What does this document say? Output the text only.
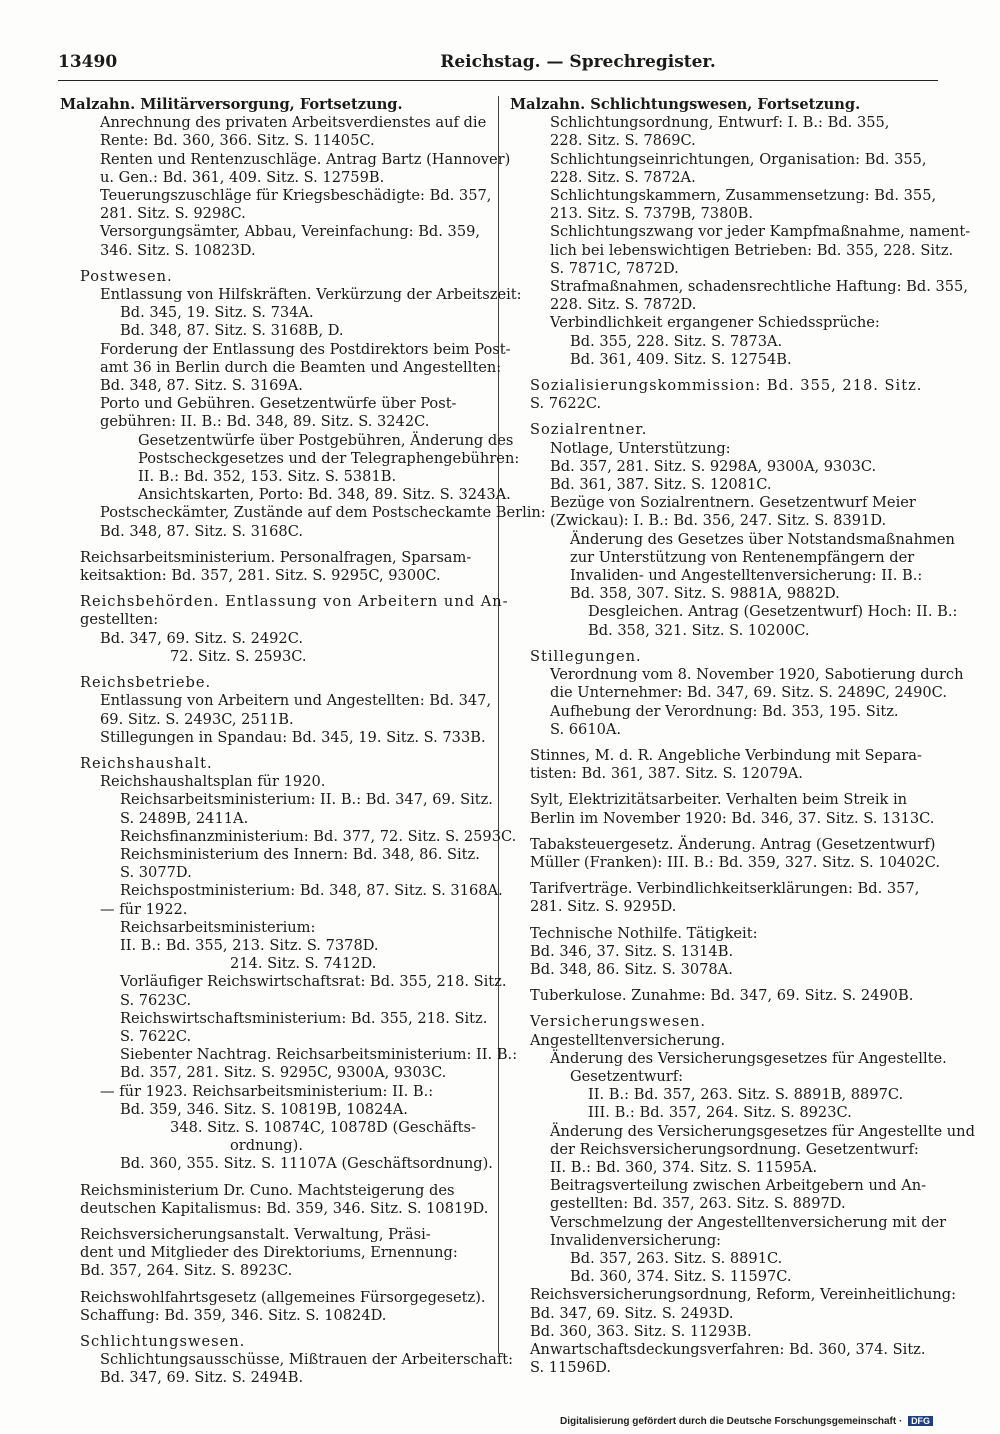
13490	Reichstag. — Sprechregister.
Malzahn. Militärversorgung, Fortsetzung.
Anrechnung des privaten Arbeitsverdienstes auf die
Rente: Bd. 360, 366. Sitz. S. 11405C.
Renten und Rentenzuschläge. Antrag Bartz (Hannover)
u. Gen.: Bd. 361, 409. Sitz. S. 12759B.
Teuerungszuschläge für Kriegsbeschädigte: Bd. 357,
281. Sitz. S. 9298C.
Versorgungsämter, Abbau, Vereinfachung: Bd. 359,
346. Sitz. S. 10823D.
Postwesen.
Entlassung von Hilfskräften. Verkürzung der Arbeitszeit:
Bd. 345, 19. Sitz. S. 734A.
Bd. 348, 87. Sitz. S. 3168B, D.
Forderung der Entlassung des Postdirektors beim Post-
amt 36 in Berlin durch die Beamten und Angestellten:
Bd. 348, 87. Sitz. S. 3169A.
Porto und Gebühren. Gesetzentwürfe über Post-
gebühren: II. B.: Bd. 348, 89. Sitz. S. 3242C.
Gesetzentwürfe über Postgebühren, Änderung des
Postscheckgesetzes und der Telegraphengebühren:
II. B.: Bd. 352, 153. Sitz. S. 5381B.
Ansichtskarten, Porto: Bd. 348, 89. Sitz. S. 3243A.
Postscheckämter, Zustände auf dem Postscheckamte Berlin:
Bd. 348, 87. Sitz. S. 3168C.
Reichsarbeitsministerium. Personalfragen, Sparsam-
keitsaktion: Bd. 357, 281. Sitz. S. 9295C, 9300C.
Reichsbehörden. Entlassung von Arbeitern und An-
gestellten:
Bd. 347, 69. Sitz. S. 2492C.
72. Sitz. S. 2593C.
Reichsbetriebe.
Entlassung von Arbeitern und Angestellten: Bd. 347,
69. Sitz. S. 2493C, 2511B.
Stillegungen in Spandau: Bd. 345, 19. Sitz. S. 733B.
Reichshaushalt.
Reichshaushaltsplan für 1920.
Reichsarbeitsministerium: II. B.: Bd. 347, 69. Sitz.
S. 2489B, 2411A.
Reichsfinanzministerium: Bd. 377, 72. Sitz. S. 2593C.
Reichsministerium des Innern: Bd. 348, 86. Sitz.
S. 3077D.
Reichspostministerium: Bd. 348, 87. Sitz. S. 3168A.
— für 1922.
Reichsarbeitsministerium:
II. B.: Bd. 355, 213. Sitz. S. 7378D.
214. Sitz. S. 7412D.
Vorläufiger Reichswirtschaftsrat: Bd. 355, 218. Sitz.
S. 7623C.
Reichswirtschaftsministerium: Bd. 355, 218. Sitz.
S. 7622C.
Siebenter Nachtrag. Reichsarbeitsministerium: II. B.:
Bd. 357, 281. Sitz. S. 9295C, 9300A, 9303C.
— für 1923. Reichsarbeitsministerium: II. B.:
Bd. 359, 346. Sitz. S. 10819B, 10824A.
348. Sitz. S. 10874C, 10878D (Geschäfts-
ordnung).
Bd. 360, 355. Sitz. S. 11107A (Geschäftsordnung).
Reichsministerium Dr. Cuno. Machtsteigerung des
deutschen Kapitalismus: Bd. 359, 346. Sitz. S. 10819D.
Reichsversicherungsanstalt. Verwaltung, Präsi-
dent und Mitglieder des Direktoriums, Ernennung:
Bd. 357, 264. Sitz. S. 8923C.
Reichswohlfahrtsgesetz (allgemeines Fürsorgegesetz).
Schaffung: Bd. 359, 346. Sitz. S. 10824D.
Schlichtungswesen.
Schlichtungsausschüsse, Mißtrauen der Arbeiterschaft:
Bd. 347, 69. Sitz. S. 2494B.
Malzahn. Schlichtungswesen, Fortsetzung.
Schlichtungsordnung, Entwurf: I. B.: Bd. 355,
228. Sitz. S. 7869C.
Schlichtungseinrichtungen, Organisation: Bd. 355,
228. Sitz. S. 7872A.
Schlichtungskammern, Zusammensetzung: Bd. 355,
213. Sitz. S. 7379B, 7380B.
Schlichtungszwang vor jeder Kampfmaßnahme, nament-
lich bei lebenswichtigen Betrieben: Bd. 355, 228. Sitz.
S. 7871C, 7872D.
Strafmaßnahmen, schadensrechtliche Haftung: Bd. 355,
228. Sitz. S. 7872D.
Verbindlichkeit ergangener Schiedssprüche:
Bd. 355, 228. Sitz. S. 7873A.
Bd. 361, 409. Sitz. S. 12754B.
Sozialisierungskommission: Bd. 355, 218. Sitz.
S. 7622C.
Sozialrentner.
Notlage, Unterstützung:
Bd. 357, 281. Sitz. S. 9298A, 9300A, 9303C.
Bd. 361, 387. Sitz. S. 12081C.
Bezüge von Sozialrentnern. Gesetzentwurf Meier
(Zwickau): I. B.: Bd. 356, 247. Sitz. S. 8391D.
Änderung des Gesetzes über Notstandsmaßnahmen
zur Unterstützung von Rentenempfängern der
Invaliden- und Angestelltenversicherung: II. B.:
Bd. 358, 307. Sitz. S. 9881A, 9882D.
Desgleichen. Antrag (Gesetzentwurf) Hoch: II. B.:
Bd. 358, 321. Sitz. S. 10200C.
Stillegungen.
Verordnung vom 8. November 1920, Sabotierung durch
die Unternehmer: Bd. 347, 69. Sitz. S. 2489C, 2490C.
Aufhebung der Verordnung: Bd. 353, 195. Sitz.
S. 6610A.
Stinnes, M. d. R. Angebliche Verbindung mit Separa-
tisten: Bd. 361, 387. Sitz. S. 12079A.
Sylt, Elektrizitätsarbeiter. Verhalten beim Streik in
Berlin im November 1920: Bd. 346, 37. Sitz. S. 1313C.
Tabaksteuergesetz. Änderung. Antrag (Gesetzentwurf)
Müller (Franken): III. B.: Bd. 359, 327. Sitz. S. 10402C.
Tarifverträge. Verbindlichkeitserklärungen: Bd. 357,
281. Sitz. S. 9295D.
Technische Nothilfe. Tätigkeit:
Bd. 346, 37. Sitz. S. 1314B.
Bd. 348, 86. Sitz. S. 3078A.
Tuberkulose. Zunahme: Bd. 347, 69. Sitz. S. 2490B.
Versicherungswesen.
Angestelltenversicherung.
Änderung des Versicherungsgesetzes für Angestellte.
Gesetzentwurf:
II. B.: Bd. 357, 263. Sitz. S. 8891B, 8897C.
III. B.: Bd. 357, 264. Sitz. S. 8923C.
Änderung des Versicherungsgesetzes für Angestellte und
der Reichsversicherungsordnung. Gesetzentwurf:
II. B.: Bd. 360, 374. Sitz. S. 11595A.
Beitragsverteilung zwischen Arbeitgebern und An-
gestellten: Bd. 357, 263. Sitz. S. 8897D.
Verschmelzung der Angestelltenversicherung mit der
Invalidenversicherung:
Bd. 357, 263. Sitz. S. 8891C.
Bd. 360, 374. Sitz. S. 11597C.
Reichsversicherungsordnung, Reform, Vereinheitlichung:
Bd. 347, 69. Sitz. S. 2493D.
Bd. 360, 363. Sitz. S. 11293B.
Anwartschaftsdeckungsverfahren: Bd. 360, 374. Sitz.
S. 11596D.
Digitalisierung gefördert durch die Deutsche Forschungsgemeinschaft · DFG
